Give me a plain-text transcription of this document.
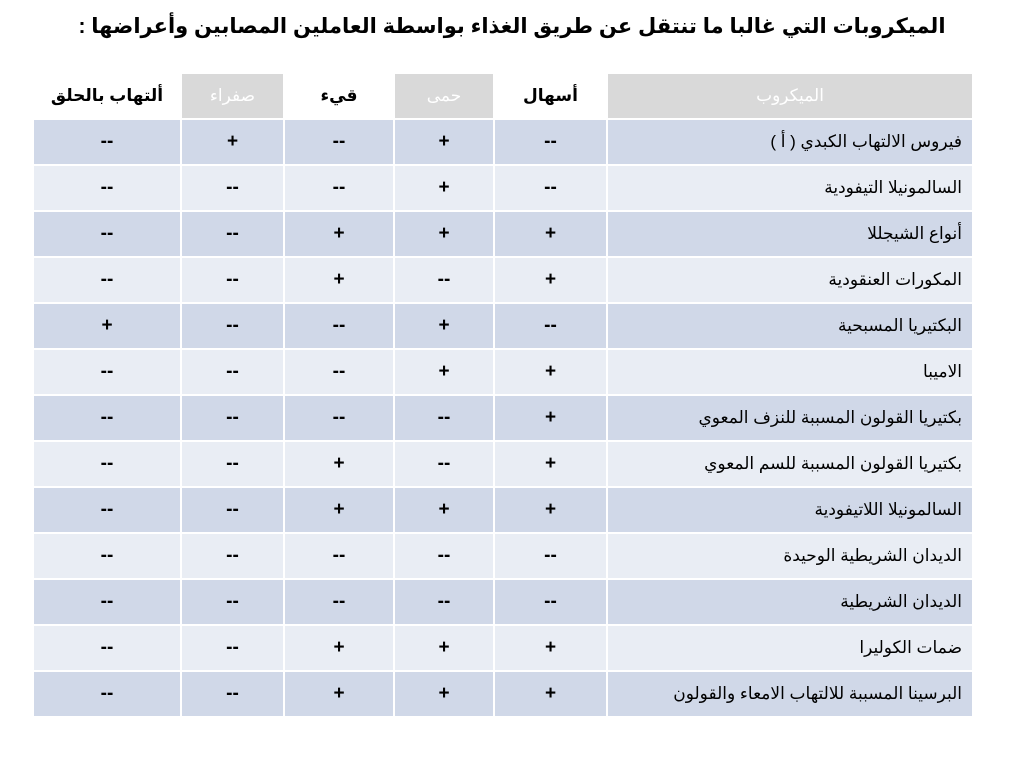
الميكروبات التي غالبا ما تنتقل عن طريق الغذاء بواسطة العاملين المصابين وأعراضها :
الميكروب	أسهال	حمى	قيء	صفراء	ألتهاب بالحلق
فيروس الالتهاب الكبدي ( أ )	--	+	--	+	--
السالمونيلا التيفودية	--	+	--	--	--
أنواع الشيجللا	+	+	+	--	--
المكورات العنقودية	+	--	+	--	--
البكتيريا المسبحية	--	+	--	--	+
الاميبا	+	+	--	--	--
بكتيريا القولون المسببة للنزف المعوي	+	--	--	--	--
بكتيريا القولون المسببة للسم المعوي	+	--	+	--	--
السالمونيلا اللاتيفودية	+	+	+	--	--
الديدان الشريطية الوحيدة	--	--	--	--	--
الديدان الشريطية	--	--	--	--	--
ضمات الكوليرا	+	+	+	--	--
البرسينا المسببة للالتهاب الامعاء والقولون	+	+	+	--	--
